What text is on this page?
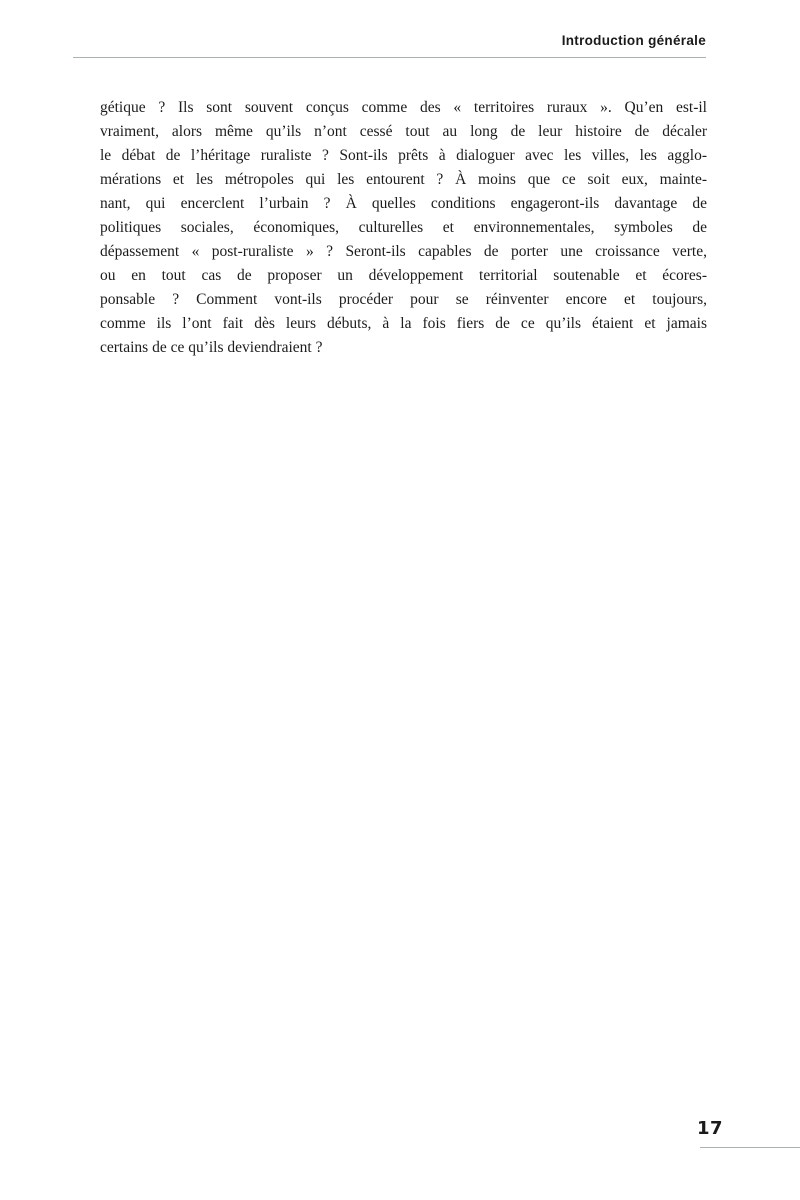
Introduction générale
gétique ? Ils sont souvent conçus comme des « territoires ruraux ». Qu’en est-il
vraiment, alors même qu’ils n’ont cessé tout au long de leur histoire de décaler
le débat de l’héritage ruraliste ? Sont-ils prêts à dialoguer avec les villes, les agglo-
mérations et les métropoles qui les entourent ? À moins que ce soit eux, mainte-
nant, qui encerclent l’urbain ? À quelles conditions engageront-ils davantage de
politiques sociales, économiques, culturelles et environnementales, symboles de
dépassement « post-ruraliste » ? Seront-ils capables de porter une croissance verte,
ou en tout cas de proposer un développement territorial soutenable et écores-
ponsable ? Comment vont-ils procéder pour se réinventer encore et toujours,
comme ils l’ont fait dès leurs débuts, à la fois fiers de ce qu’ils étaient et jamais
certains de ce qu’ils deviendraient ?
17
